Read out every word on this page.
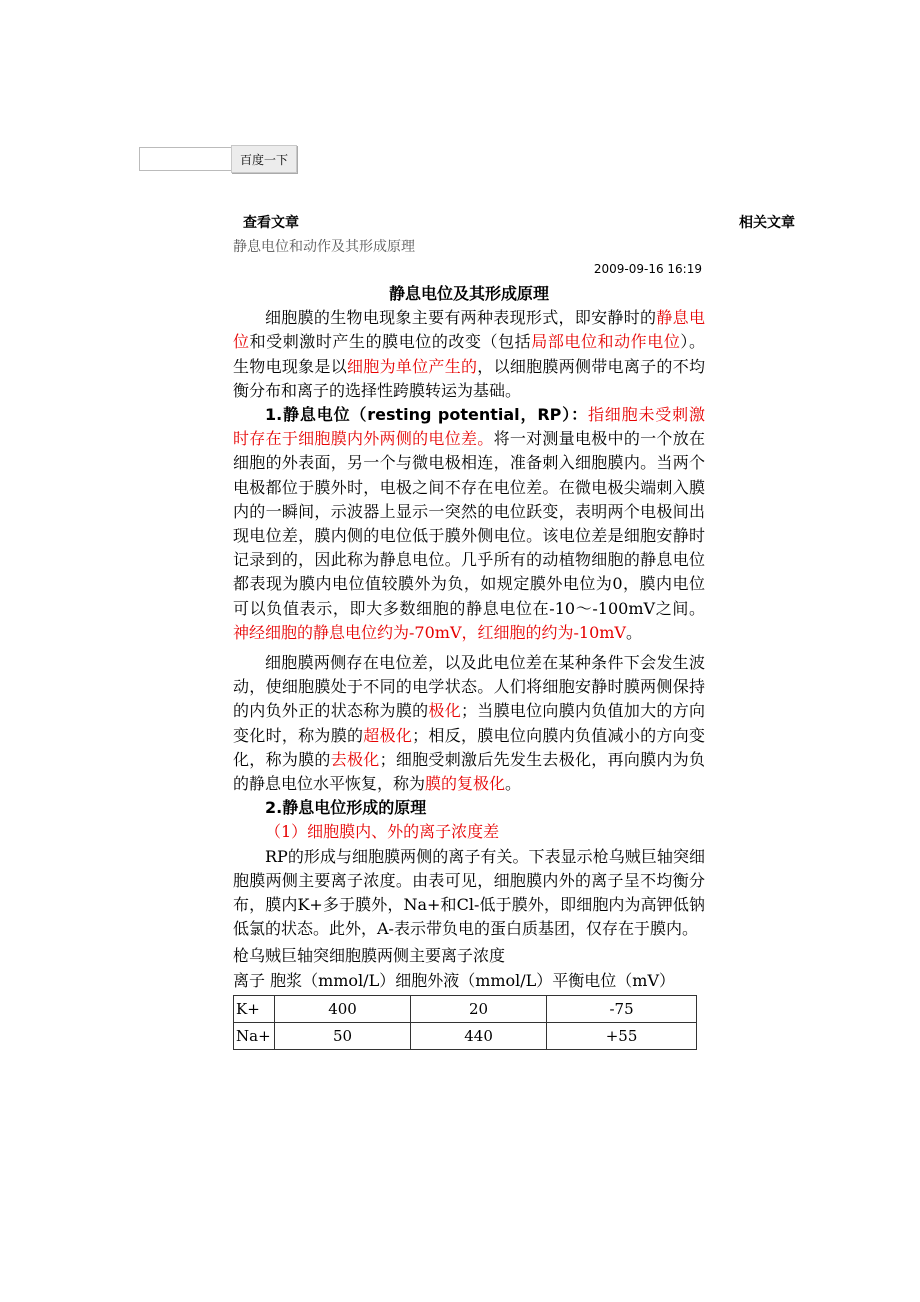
百度一下
查看文章	相关文章
静息电位和动作及其形成原理
2009-09-16 16:19
静息电位及其形成原理

细胞膜的生物电现象主要有两种表现形式，即安静时的静息电位和受刺激时产生的膜电位的改变（包括局部电位和动作电位）。生物电现象是以细胞为单位产生的，以细胞膜两侧带电离子的不均衡分布和离子的选择性跨膜转运为基础。

1.静息电位（resting potential，RP）：指细胞未受刺激时存在于细胞膜内外两侧的电位差。将一对测量电极中的一个放在细胞的外表面，另一个与微电极相连，准备刺入细胞膜内。当两个电极都位于膜外时，电极之间不存在电位差。在微电极尖端刺入膜内的一瞬间，示波器上显示一突然的电位跃变，表明两个电极间出现电位差，膜内侧的电位低于膜外侧电位。该电位差是细胞安静时记录到的，因此称为静息电位。几乎所有的动植物细胞的静息电位都表现为膜内电位值较膜外为负，如规定膜外电位为0，膜内电位可以负值表示，即大多数细胞的静息电位在-10～-100mV之间。神经细胞的静息电位约为-70mV，红细胞的约为-10mV。

细胞膜两侧存在电位差，以及此电位差在某种条件下会发生波动，使细胞膜处于不同的电学状态。人们将细胞安静时膜两侧保持的内负外正的状态称为膜的极化；当膜电位向膜内负值加大的方向变化时，称为膜的超极化；相反，膜电位向膜内负值减小的方向变化，称为膜的去极化；细胞受刺激后先发生去极化，再向膜内为负的静息电位水平恢复，称为膜的复极化。

2.静息电位形成的原理

（1）细胞膜内、外的离子浓度差

RP的形成与细胞膜两侧的离子有关。下表显示枪乌贼巨轴突细胞膜两侧主要离子浓度。由表可见，细胞膜内外的离子呈不均衡分布，膜内K+多于膜外，Na+和Cl-低于膜外，即细胞内为高钾低钠低氯的状态。此外，A-表示带负电的蛋白质基团，仅存在于膜内。

枪乌贼巨轴突细胞膜两侧主要离子浓度

离子 胞浆（mmol/L）细胞外液（mmol/L）平衡电位（mV）

K+	400	20	-75
Na+	50	440	+55
